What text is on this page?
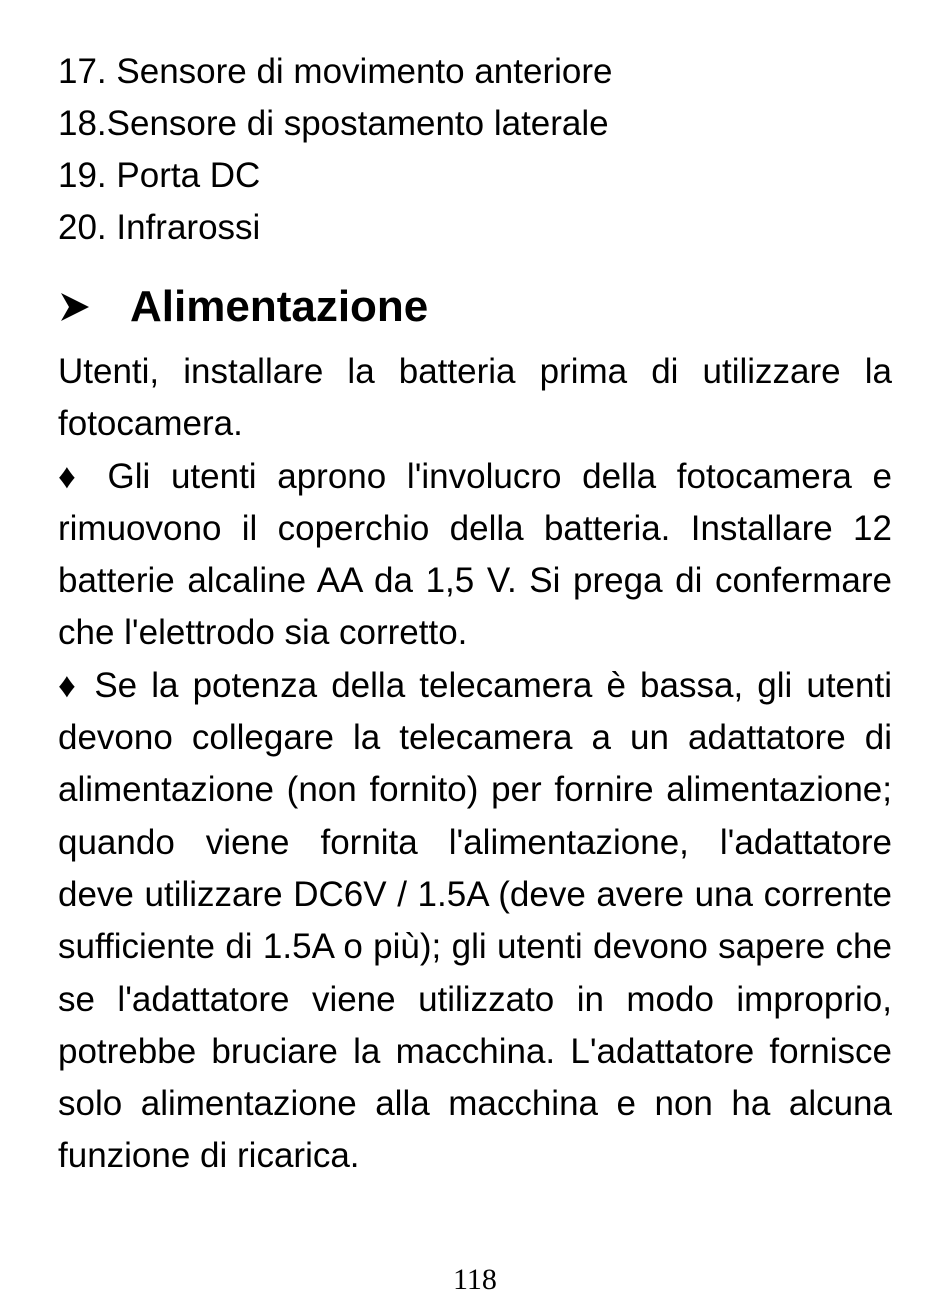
17. Sensore di movimento anteriore
18.Sensore di spostamento laterale
19. Porta DC
20. Infrarossi
Alimentazione

Utenti, installare la batteria prima di utilizzare la fotocamera.

♦ Gli utenti aprono l'involucro della fotocamera e rimuovono il coperchio della batteria. Installare 12 batterie alcaline AA da 1,5 V. Si prega di confermare che l'elettrodo sia corretto.

♦ Se la potenza della telecamera è bassa, gli utenti devono collegare la telecamera a un adattatore di alimentazione (non fornito) per fornire alimentazione; quando viene fornita l'alimentazione, l'adattatore deve utilizzare DC6V / 1.5A (deve avere una corrente sufficiente di 1.5A o più); gli utenti devono sapere che se l'adattatore viene utilizzato in modo improprio, potrebbe bruciare la macchina. L'adattatore fornisce solo alimentazione alla macchina e non ha alcuna funzione di ricarica.

118
